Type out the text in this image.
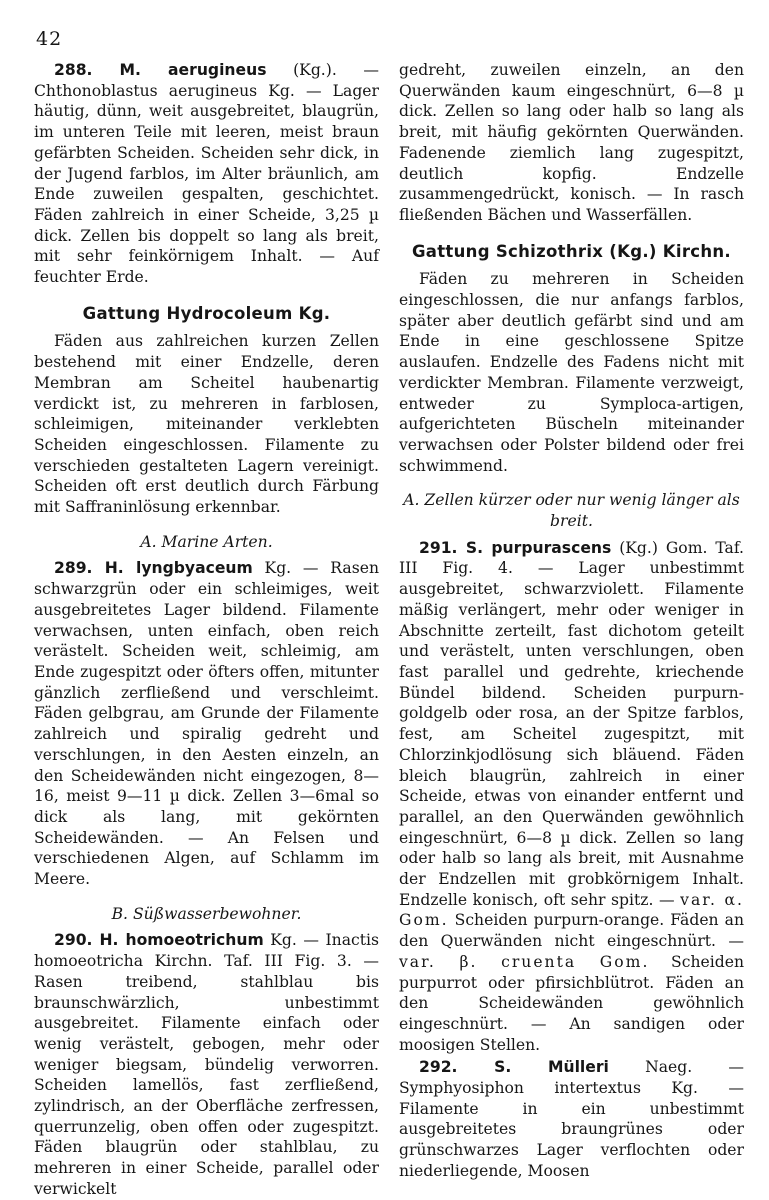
42

288. M. aerugineus (Kg.). — Chthonoblastus aerugineus Kg. — Lager häutig, dünn, weit ausgebreitet, blaugrün, im unteren Teile mit leeren, meist braun gefärbten Scheiden. Scheiden sehr dick, in der Jugend farblos, im Alter bräunlich, am Ende zuweilen gespalten, geschichtet. Fäden zahlreich in einer Scheide, 3,25 µ dick. Zellen bis doppelt so lang als breit, mit sehr feinkörnigem Inhalt. — Auf feuchter Erde.

Gattung Hydrocoleum Kg.

Fäden aus zahlreichen kurzen Zellen bestehend mit einer Endzelle, deren Membran am Scheitel haubenartig verdickt ist, zu mehreren in farblosen, schleimigen, miteinander verklebten Scheiden eingeschlossen. Filamente zu verschieden gestalteten Lagern vereinigt. Scheiden oft erst deutlich durch Färbung mit Saffraninlösung erkennbar.

A. Marine Arten.

289. H. lyngbyaceum Kg. — Rasen schwarzgrün oder ein schleimiges, weit ausgebreitetes Lager bildend. Filamente verwachsen, unten einfach, oben reich verästelt. Scheiden weit, schleimig, am Ende zugespitzt oder öfters offen, mitunter gänzlich zerfließend und verschleimt. Fäden gelbgrau, am Grunde der Filamente zahlreich und spiralig gedreht und verschlungen, in den Aesten einzeln, an den Scheidewänden nicht eingezogen, 8—16, meist 9—11 µ dick. Zellen 3—6mal so dick als lang, mit gekörnten Scheidewänden. — An Felsen und verschiedenen Algen, auf Schlamm im Meere.

B. Süßwasserbewohner.

290. H. homoeotrichum Kg. — Inactis homoeotricha Kirchn. Taf. III Fig. 3. — Rasen treibend, stahlblau bis braunschwärzlich, unbestimmt ausgebreitet. Filamente einfach oder wenig verästelt, gebogen, mehr oder weniger biegsam, bündelig verworren. Scheiden lamellös, fast zerfließend, zylindrisch, an der Oberfläche zerfressen, querrunzelig, oben offen oder zugespitzt. Fäden blaugrün oder stahlblau, zu mehreren in einer Scheide, parallel oder verwickelt

gedreht, zuweilen einzeln, an den Querwänden kaum eingeschnürt, 6—8 µ dick. Zellen so lang oder halb so lang als breit, mit häufig gekörnten Querwänden. Fadenende ziemlich lang zugespitzt, deutlich kopfig. Endzelle zusammengedrückt, konisch. — In rasch fließenden Bächen und Wasserfällen.

Gattung Schizothrix (Kg.) Kirchn.

Fäden zu mehreren in Scheiden eingeschlossen, die nur anfangs farblos, später aber deutlich gefärbt sind und am Ende in eine geschlossene Spitze auslaufen. Endzelle des Fadens nicht mit verdickter Membran. Filamente verzweigt, entweder zu Symploca-artigen, aufgerichteten Büscheln miteinander verwachsen oder Polster bildend oder frei schwimmend.

A. Zellen kürzer oder nur wenig länger als breit.

291. S. purpurascens (Kg.) Gom. Taf. III Fig. 4. — Lager unbestimmt ausgebreitet, schwarzviolett. Filamente mäßig verlängert, mehr oder weniger in Abschnitte zerteilt, fast dichotom geteilt und verästelt, unten verschlungen, oben fast parallel und gedrehte, kriechende Bündel bildend. Scheiden purpurn-goldgelb oder rosa, an der Spitze farblos, fest, am Scheitel zugespitzt, mit Chlorzinkjodlösung sich bläuend. Fäden bleich blaugrün, zahlreich in einer Scheide, etwas von einander entfernt und parallel, an den Querwänden gewöhnlich eingeschnürt, 6—8 µ dick. Zellen so lang oder halb so lang als breit, mit Ausnahme der Endzellen mit grobkörnigem Inhalt. Endzelle konisch, oft sehr spitz. — var. α. Gom. Scheiden purpurn-orange. Fäden an den Querwänden nicht eingeschnürt. — var. β. cruenta Gom. Scheiden purpurrot oder pfirsichblütrot. Fäden an den Scheidewänden gewöhnlich eingeschnürt. — An sandigen oder moosigen Stellen.

292. S. Mülleri Naeg. — Symphyosiphon intertextus Kg. — Filamente in ein unbestimmt ausgebreitetes braungrünes oder grünschwarzes Lager verflochten oder niederliegende, Moosen
